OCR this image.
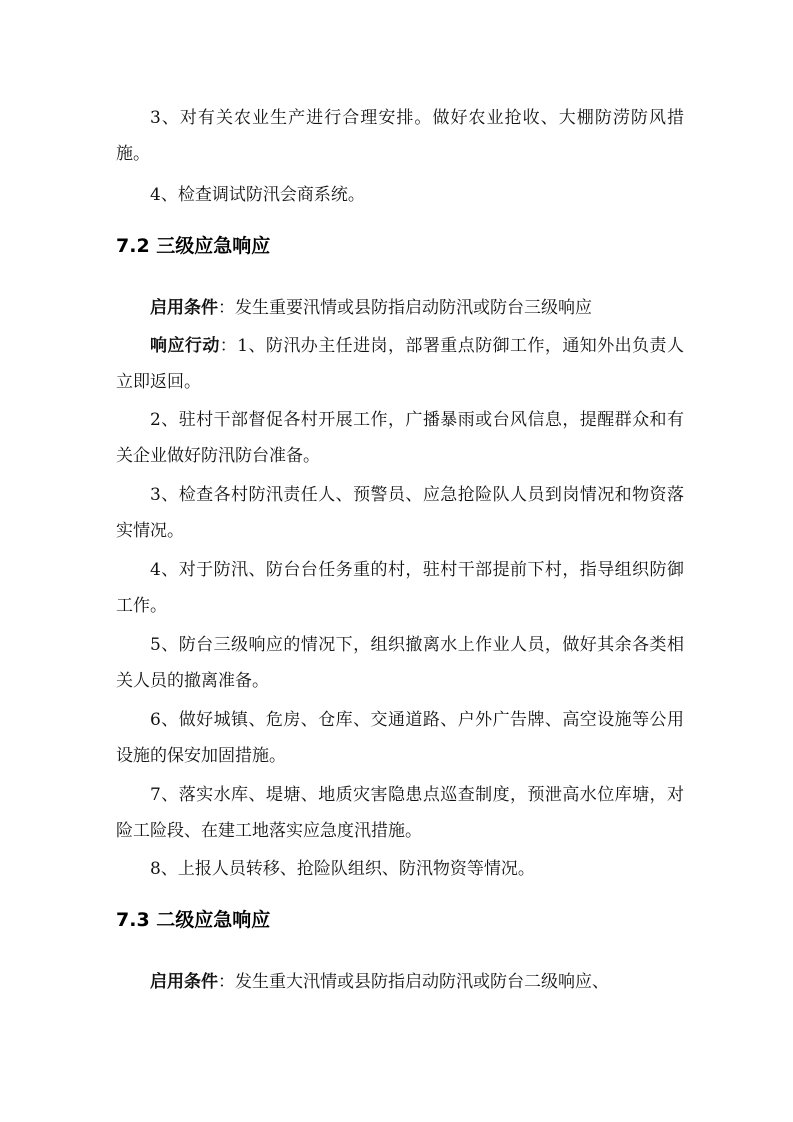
3、对有关农业生产进行合理安排。做好农业抢收、大棚防涝防风措施。

4、检查调试防汛会商系统。

7.2 三级应急响应

启用条件：发生重要汛情或县防指启动防汛或防台三级响应

响应行动：1、防汛办主任进岗，部署重点防御工作，通知外出负责人立即返回。

2、驻村干部督促各村开展工作，广播暴雨或台风信息，提醒群众和有关企业做好防汛防台准备。

3、检查各村防汛责任人、预警员、应急抢险队人员到岗情况和物资落实情况。

4、对于防汛、防台台任务重的村，驻村干部提前下村，指导组织防御工作。

5、防台三级响应的情况下，组织撤离水上作业人员，做好其余各类相关人员的撤离准备。

6、做好城镇、危房、仓库、交通道路、户外广告牌、高空设施等公用设施的保安加固措施。

7、落实水库、堤塘、地质灾害隐患点巡查制度，预泄高水位库塘，对险工险段、在建工地落实应急度汛措施。

8、上报人员转移、抢险队组织、防汛物资等情况。

7.3 二级应急响应

启用条件：发生重大汛情或县防指启动防汛或防台二级响应、
